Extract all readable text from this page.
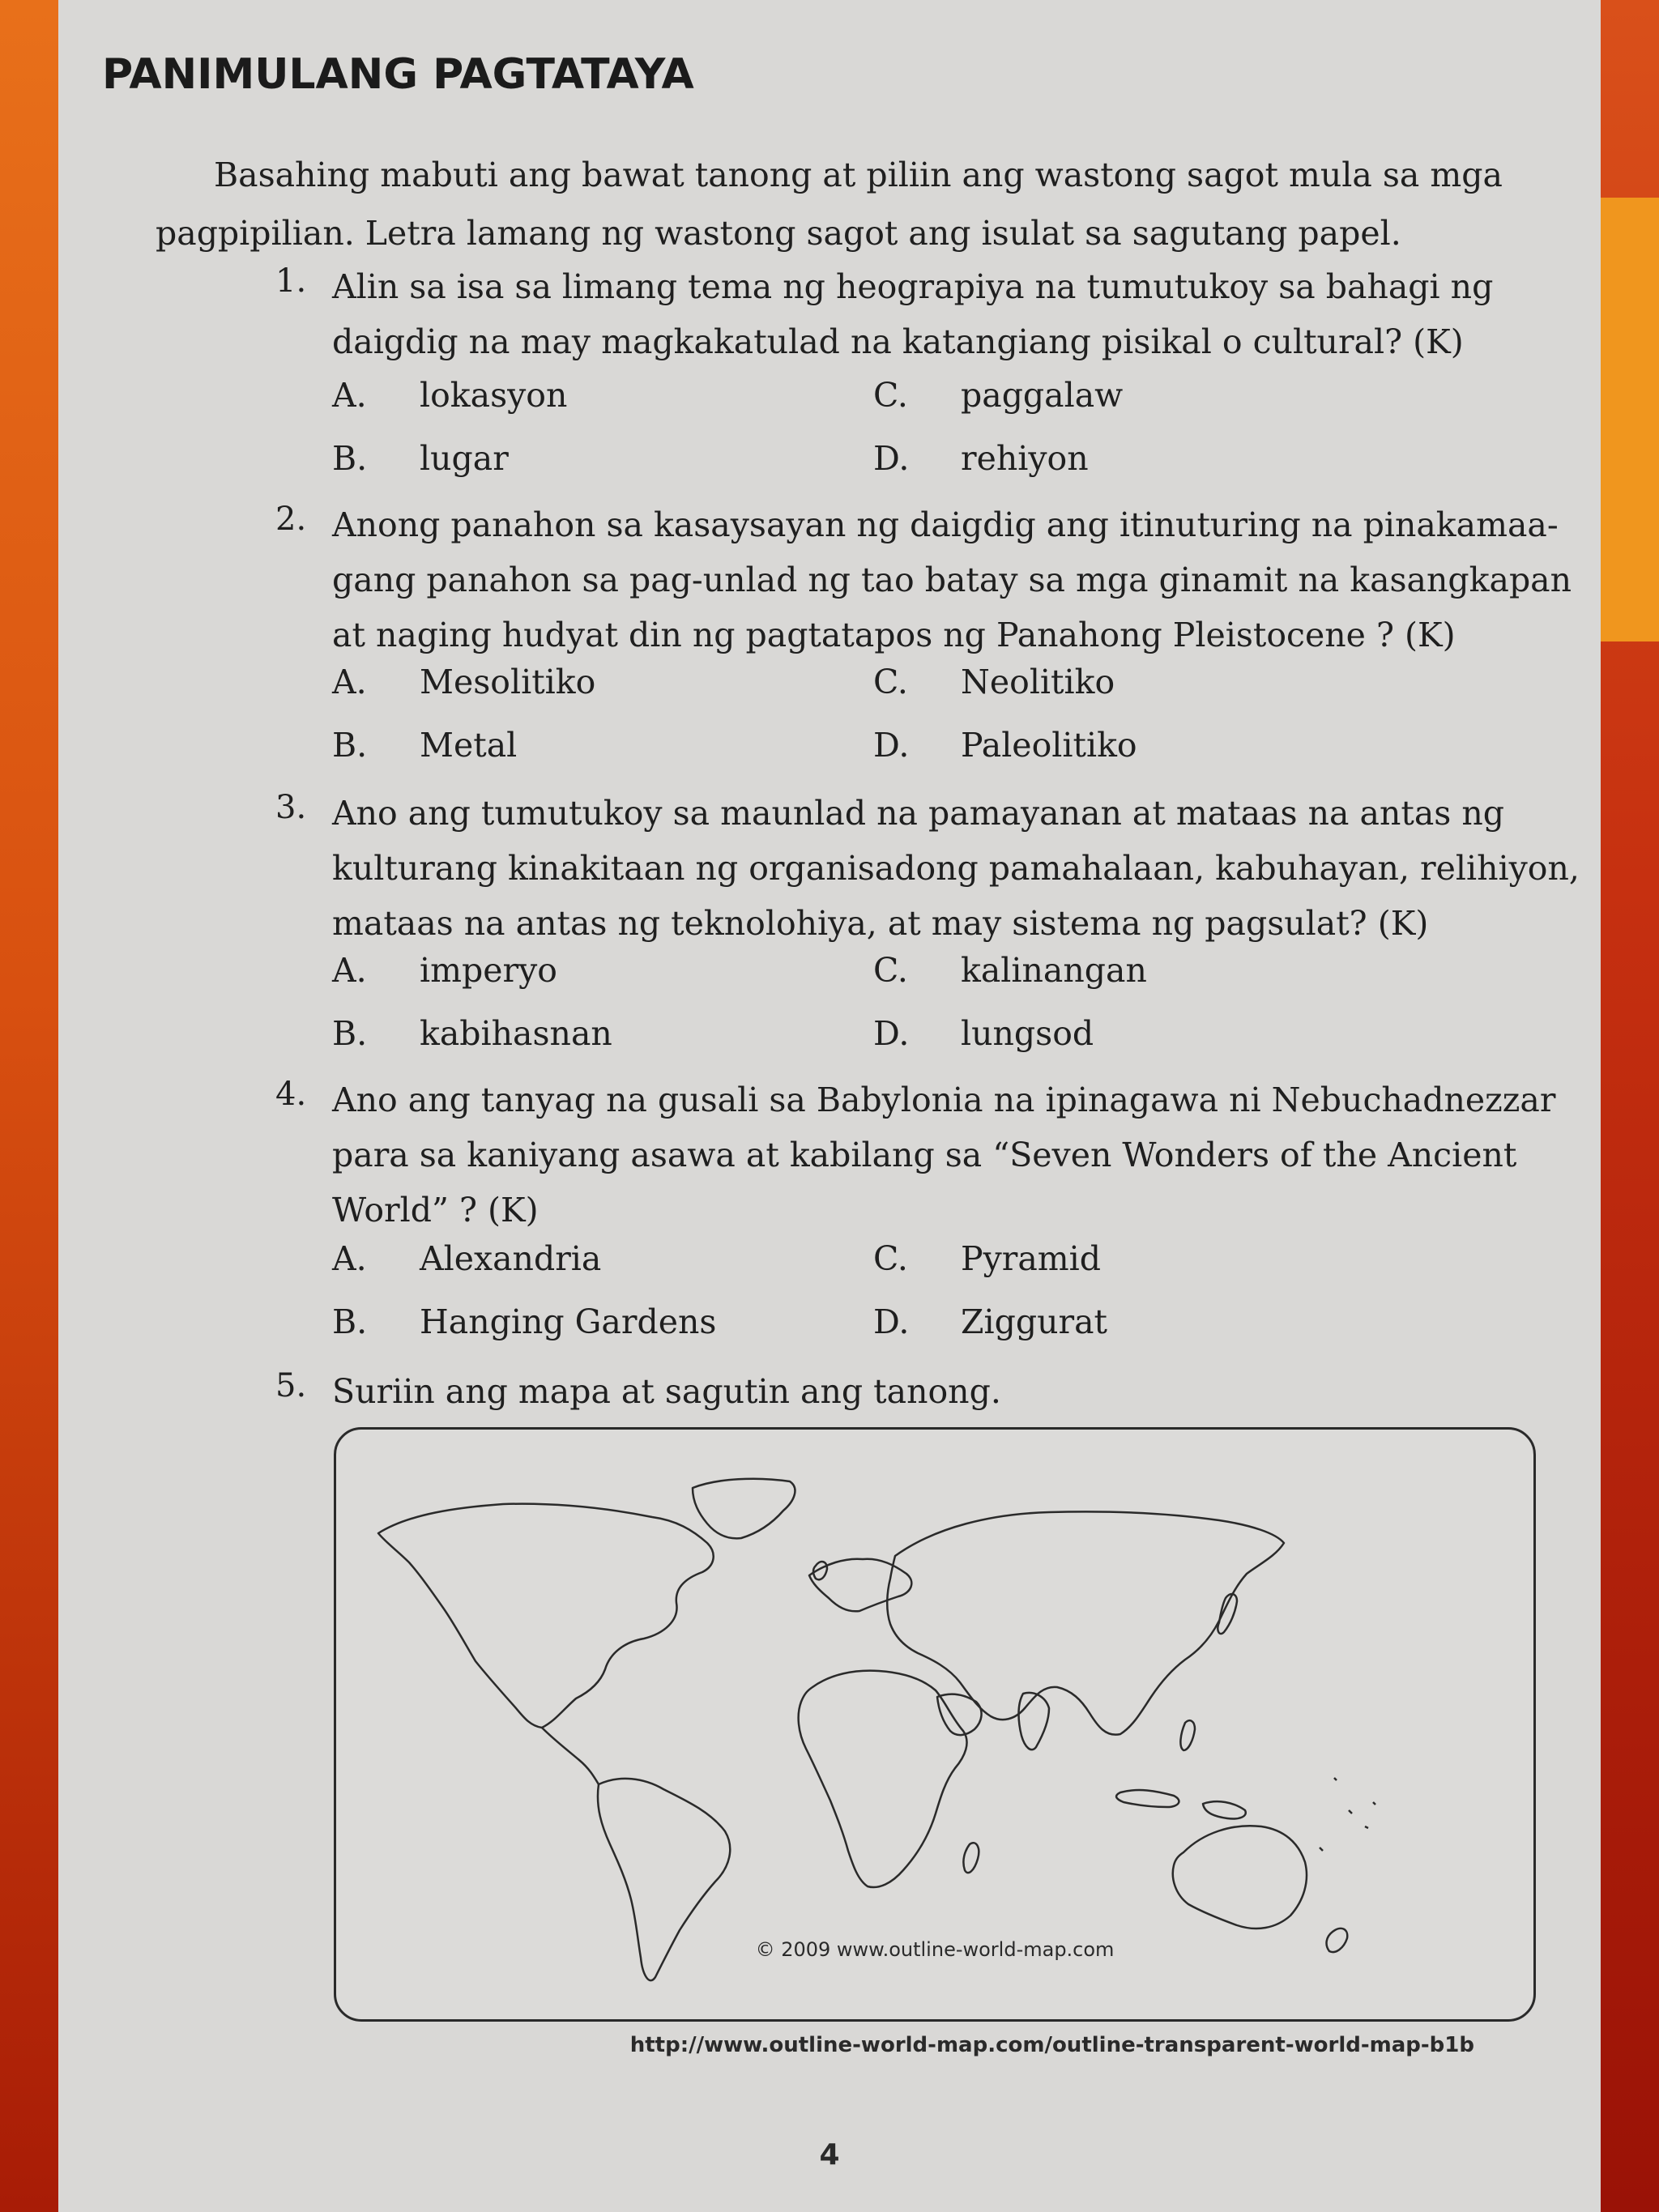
PANIMULANG PAGTATAYA

Basahing mabuti ang bawat tanong at piliin ang wastong sagot mula sa mga
pagpipilian. Letra lamang ng wastong sagot ang isulat sa sagutang papel.

1. Alin sa isa sa limang tema ng heograpiya na tumutukoy sa bahagi ng
daigdig na may magkakatulad na katangiang pisikal o cultural? (K)

A. lokasyon	C. paggalaw
B. lugar	D. rehiyon
2. Anong panahon sa kasaysayan ng daigdig ang itinuturing na pinakamaa-
gang panahon sa pag-unlad ng tao batay sa mga ginamit na kasangkapan
at naging hudyat din ng pagtatapos ng Panahong Pleistocene ? (K)

A. Mesolitiko	C. Neolitiko
B. Metal	D. Paleolitiko
3. Ano ang tumutukoy sa maunlad na pamayanan at mataas na antas ng
kulturang kinakitaan ng organisadong pamahalaan, kabuhayan, relihiyon,
mataas na antas ng teknolohiya, at may sistema ng pagsulat? (K)

A. imperyo	C. kalinangan
B. kabihasnan	D. lungsod
4. Ano ang tanyag na gusali sa Babylonia na ipinagawa ni Nebuchadnezzar
para sa kaniyang asawa at kabilang sa “Seven Wonders of the Ancient
World” ? (K)

A. Alexandria	C. Pyramid
B. Hanging Gardens	D. Ziggurat
5. Suriin ang mapa at sagutin ang tanong.

© 2009 www.outline-world-map.com
http://www.outline-world-map.com/outline-transparent-world-map-b1b
4
